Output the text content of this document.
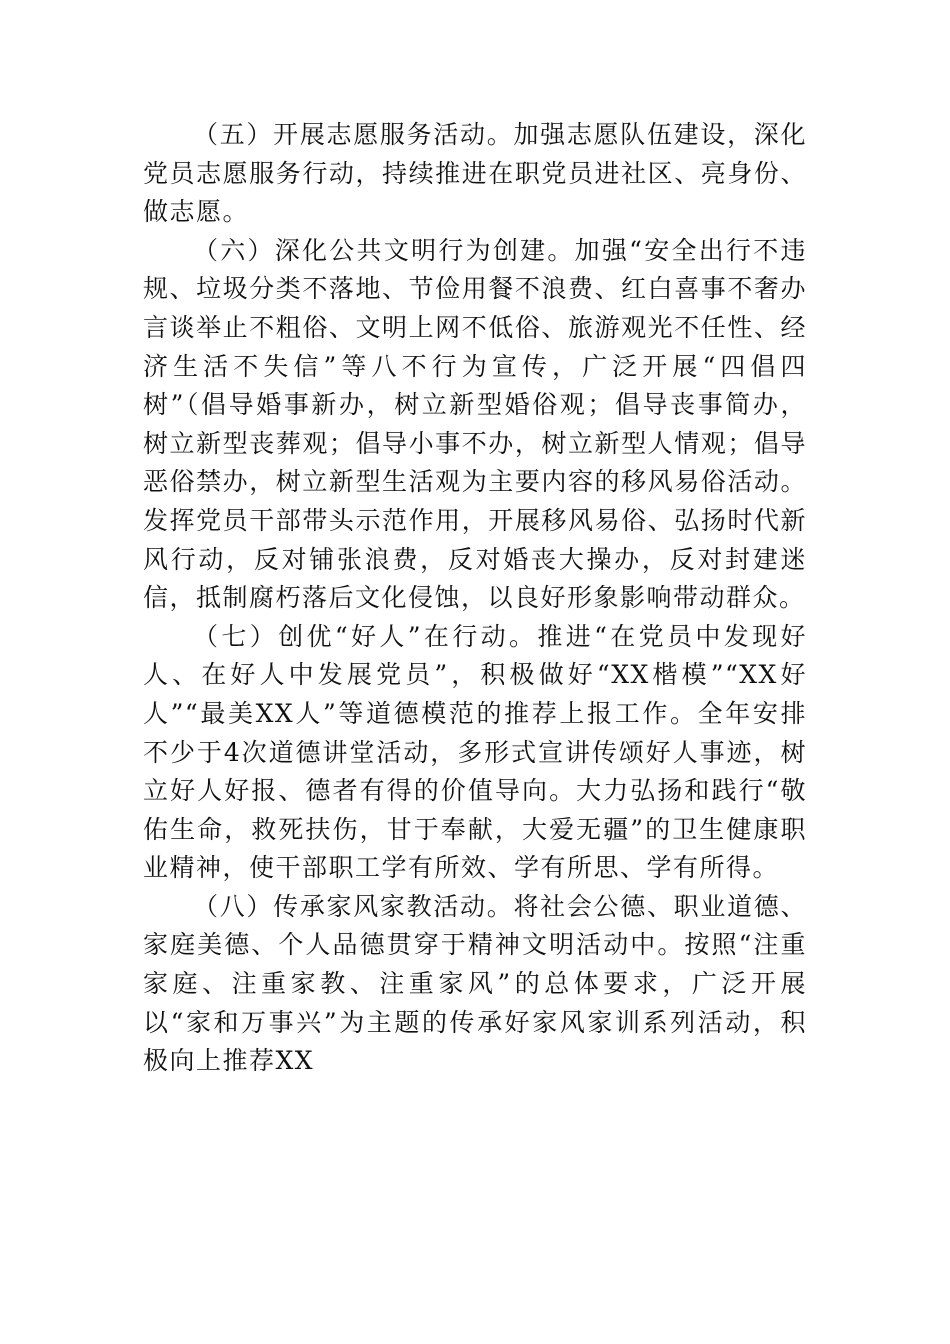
（五）开展志愿服务活动。加强志愿队伍建设，深化党员志愿服务行动，持续推进在职党员进社区、亮身份、做志愿。

（六）深化公共文明行为创建。加强“安全出行不违规、垃圾分类不落地、节俭用餐不浪费、红白喜事不奢办言谈举止不粗俗、文明上网不低俗、旅游观光不任性、经济生活不失信”等八不行为宣传，广泛开展“四倡四树”（倡导婚事新办，树立新型婚俗观；倡导丧事简办，树立新型丧葬观；倡导小事不办，树立新型人情观；倡导恶俗禁办，树立新型生活观为主要内容的移风易俗活动。发挥党员干部带头示范作用，开展移风易俗、弘扬时代新风行动，反对铺张浪费，反对婚丧大操办，反对封建迷信，抵制腐朽落后文化侵蚀，以良好形象影响带动群众。

（七）创优“好人”在行动。推进“在党员中发现好人、在好人中发展党员”，积极做好“XX楷模”“XX好人”“最美XX人”等道德模范的推荐上报工作。全年安排不少于4次道德讲堂活动，多形式宣讲传颂好人事迹，树立好人好报、德者有得的价值导向。大力弘扬和践行“敬佑生命，救死扶伤，甘于奉献，大爱无疆”的卫生健康职业精神，使干部职工学有所效、学有所思、学有所得。

（八）传承家风家教活动。将社会公德、职业道德、家庭美德、个人品德贯穿于精神文明活动中。按照“注重家庭、注重家教、注重家风”的总体要求，广泛开展以“家和万事兴”为主题的传承好家风家训系列活动，积极向上推荐XX
